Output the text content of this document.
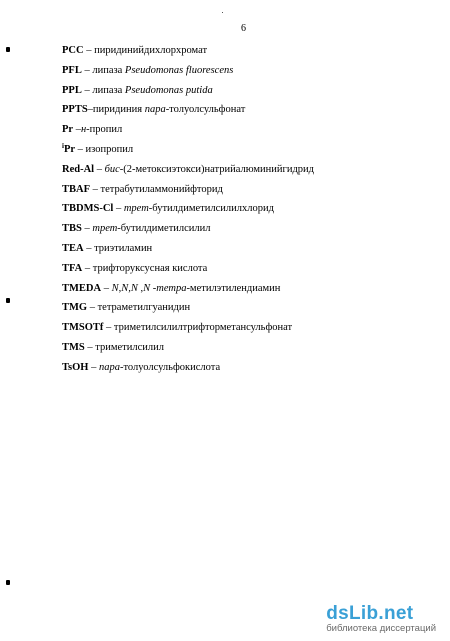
6
PCC – пиридинийдихлорхромат
PFL – липаза Pseudomonas fluorescens
PPL – липаза Pseudomonas putida
PPTS–пиридиния пара-толуолсульфонат
Pr –н-пропил
$^i$Pr – изопропил
Red-Al – бис-(2-метоксиэтокси)натрийалюминийгидрид
TBAF – тетрабутиламмонийфторид
TBDMS-Cl – трет-бутилдиметилсилилхлорид
TBS – трет-бутилдиметилсилил
TEA – триэтиламин
TFA – трифторуксусная кислота
TMEDA – N,N,N ,N -тетра-метилэтилендиамин
TMG – тетраметилгуанидин
TMSOTf – триметилсилилтрифторметансульфонат
TMS – триметилсилил
TsOH – пара-толуолсульфокислота
dsLib.net
библиотека диссертаций
